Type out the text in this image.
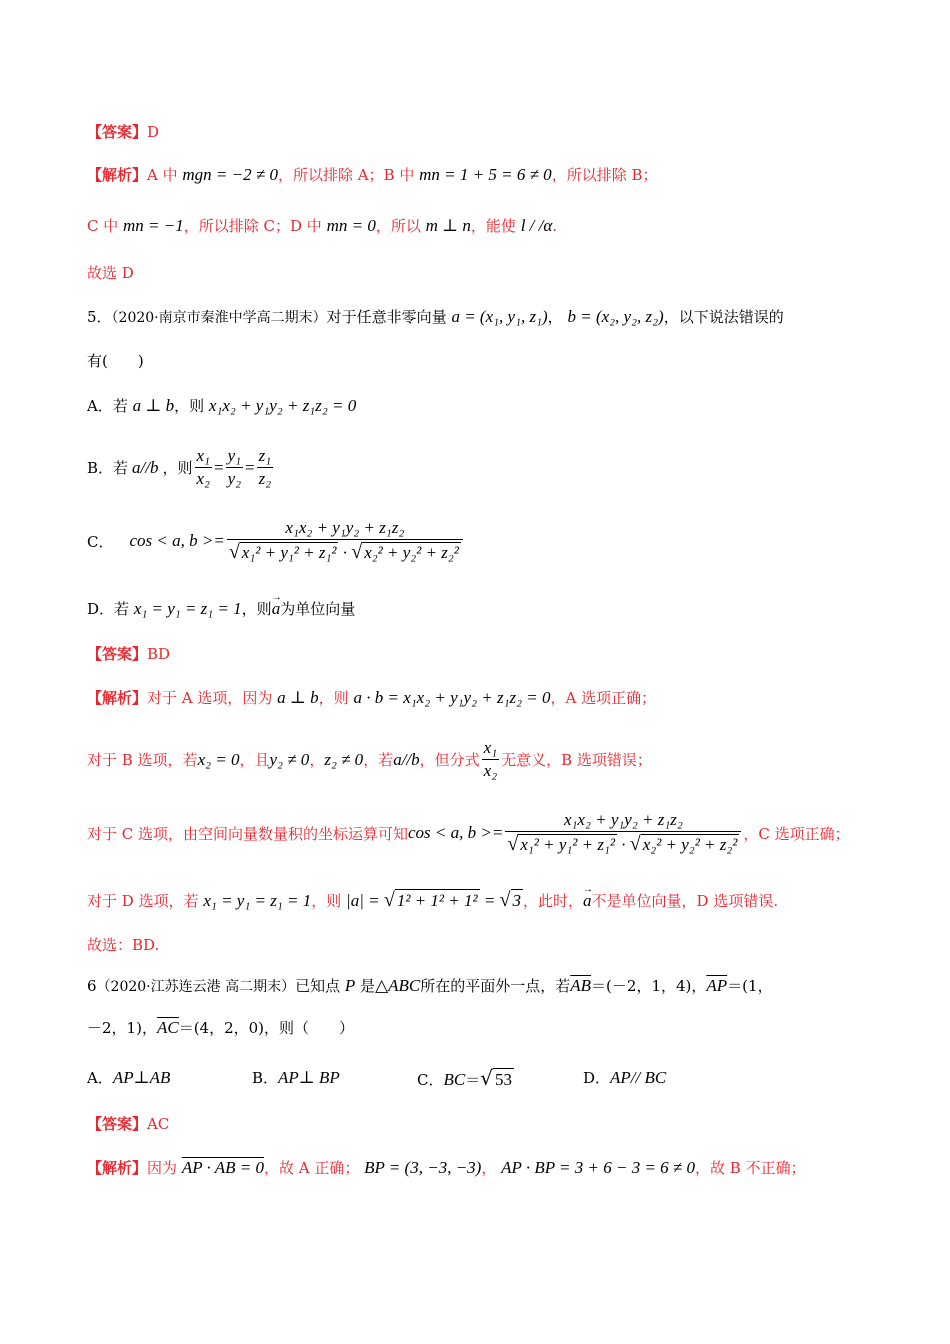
【答案】D
【解析】A 中 mgn = −2 ≠ 0，所以排除 A；B 中 mn = 1 + 5 = 6 ≠ 0，所以排除 B；
C 中 mn = −1，所以排除 C；D 中 mn = 0，所以 m ⊥ n，能使 l / /α.
故选 D
5．（2020·南京市秦淮中学高二期末）对于任意非零向量 a = (x₁, y₁, z₁)， b = (x₂, y₂, z₂)，以下说法错误的
有(　　)
A．若 a ⊥ b，则 x₁x₂ + y₁y₂ + z₁z₂ = 0
B．若 a//b ，则 $\frac{\text{x₁}}{\text{x₂}} = \frac{\text{y₁}}{\text{y₂}} = \frac{\text{z₁}}{\text{z₂}}$
C． cos < a, $b >= \frac{\text{x₁x₂ + y₁y₂ + z₁z₂}}{\text{√ x₁² + y₁² + z₁² · √ x₂² + y₂² + z₂²}}$
D．若 x₁ = y₁ = z₁ = 1，则→ a为单位向量
【答案】BD
【解析】对于 A 选项，因为 a ⊥ b，则 a · b = x₁x₂ + y₁y₂ + z₁z₂ = 0，A 选项正确；
对于 B 选项，若 x₂ = 0 ，且 y₂ ≠ 0 ， z₂ ≠ 0 ，若 a//b ，但分式 $\frac{\text{x₁}}{\text{x₂}}$ 无意义，B 选项错误；
对于 C 选项，由空间向量数量积的坐标运算可知 cos < a, $b >= \frac{\text{x₁x₂ + y₁y₂ + z₁z₂}}{\text{√ x₁² + y₁² + z₁² · √ x₂² + y₂² + z₂²}}$ ，C 选项正确；
对于 D 选项，若 x₁ = y₁ = z₁ = 1，则 |a| = √ 1² + 1² + 1² = √ 3 ，此时，→ a不是单位向量，D 选项错误.
故选：BD.
6（2020·江苏连云港 高二期末）已知点 P 是△ABC所在的平面外一点，若$\overline{AB}=(-2$，1，4)，$\overline{AP}=(1$，
－2，1)，$\overline{AC}=(4$，2，0)，则（　　）
A．AP⊥AB	B．AP⊥ BP	C．BC＝√ 53	D．AP// BC
【答案】AC
【解析】因为 AP · AB = 0，故 A 正确； BP = (3, −3, −3)， AP · BP = 3 + 6 − 3 = 6 ≠ 0，故 B 不正确；
